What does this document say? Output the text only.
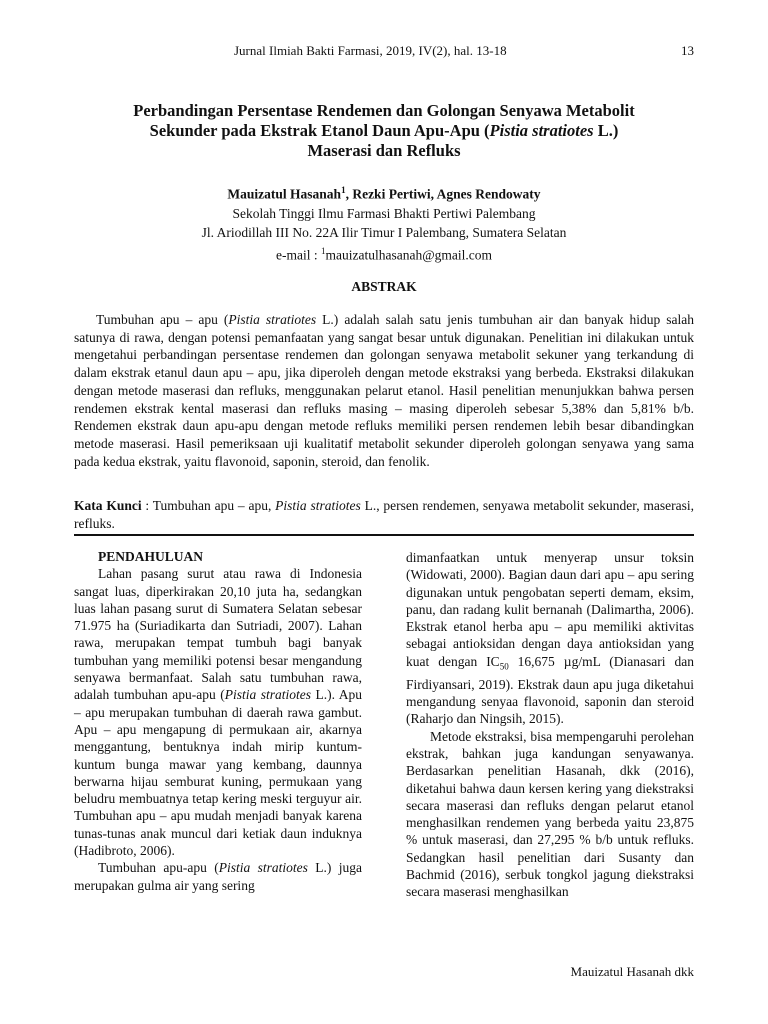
Jurnal Ilmiah Bakti Farmasi, 2019, IV(2), hal. 13-18	13
Perbandingan Persentase Rendemen dan Golongan Senyawa Metabolit
Sekunder pada Ekstrak Etanol Daun Apu-Apu (Pistia stratiotes L.)
Maserasi dan Refluks
Mauizatul Hasanah$^1$, Rezki Pertiwi, Agnes Rendowaty
Sekolah Tinggi Ilmu Farmasi Bhakti Pertiwi Palembang
Jl. Ariodillah III No. 22A Ilir Timur I Palembang, Sumatera Selatan
e-mail : $^1$mauizatulhasanah@gmail.com
ABSTRAK

Tumbuhan apu – apu (Pistia stratiotes L.) adalah salah satu jenis tumbuhan air dan banyak hidup salah satunya di rawa, dengan potensi pemanfaatan yang sangat besar untuk digunakan. Penelitian ini dilakukan untuk mengetahui perbandingan persentase rendemen dan golongan senyawa metabolit sekuner yang terkandung di dalam ekstrak etanul daun apu – apu, jika diperoleh dengan metode ekstraksi yang berbeda. Ekstraksi dilakukan dengan metode maserasi dan refluks, menggunakan pelarut etanol. Hasil penelitian menunjukkan bahwa persen rendemen ekstrak kental maserasi dan refluks masing – masing diperoleh sebesar 5,38% dan 5,81% b/b. Rendemen ekstrak daun apu-apu dengan metode refluks memiliki persen rendemen lebih besar dibandingkan metode maserasi. Hasil pemeriksaan uji kualitatif metabolit sekunder diperoleh golongan senyawa yang sama pada kedua ekstrak, yaitu flavonoid, saponin, steroid, dan fenolik.

Kata Kunci : Tumbuhan apu – apu, Pistia stratiotes L., persen rendemen, senyawa metabolit sekunder, maserasi, refluks.

PENDAHULUAN

Lahan pasang surut atau rawa di Indonesia sangat luas, diperkirakan 20,10 juta ha, sedangkan luas lahan pasang surut di Sumatera Selatan sebesar 71.975 ha (Suriadikarta dan Sutriadi, 2007). Lahan rawa, merupakan tempat tumbuh bagi banyak tumbuhan yang memiliki potensi besar mengandung senyawa bermanfaat. Salah satu tumbuhan rawa, adalah tumbuhan apu-apu (Pistia stratiotes L.). Apu – apu merupakan tumbuhan di daerah rawa gambut. Apu – apu mengapung di permukaan air, akarnya menggantung, bentuknya indah mirip kuntum-kuntum bunga mawar yang kembang, daunnya berwarna hijau semburat kuning, permukaan yang beludru membuatnya tetap kering meski terguyur air. Tumbuhan apu – apu mudah menjadi banyak karena tunas-tunas anak muncul dari ketiak daun induknya (Hadibroto, 2006).

Tumbuhan apu-apu (Pistia stratiotes L.) juga merupakan gulma air yang sering

dimanfaatkan untuk menyerap unsur toksin (Widowati, 2000). Bagian daun dari apu – apu sering digunakan untuk pengobatan seperti demam, eksim, panu, dan radang kulit bernanah (Dalimartha, 2006). Ekstrak etanol herba apu – apu memiliki aktivitas sebagai antioksidan dengan daya antioksidan yang kuat dengan $IC_{50}$ 16,675 µg/mL (Dianasari dan Firdiyansari, 2019). Ekstrak daun apu juga diketahui mengandung senyaa flavonoid, saponin dan steroid (Raharjo dan Ningsih, 2015).

Metode ekstraksi, bisa mempengaruhi perolehan ekstrak, bahkan juga kandungan senyawanya. Berdasarkan penelitian Hasanah, dkk (2016), diketahui bahwa daun kersen kering yang diekstraksi secara maserasi dan refluks dengan pelarut etanol menghasilkan rendemen yang berbeda yaitu 23,875 % untuk maserasi, dan 27,295 % b/b untuk refluks. Sedangkan hasil penelitian dari Susanty dan Bachmid (2016), serbuk tongkol jagung diekstraksi secara maserasi menghasilkan

Mauizatul Hasanah dkk
